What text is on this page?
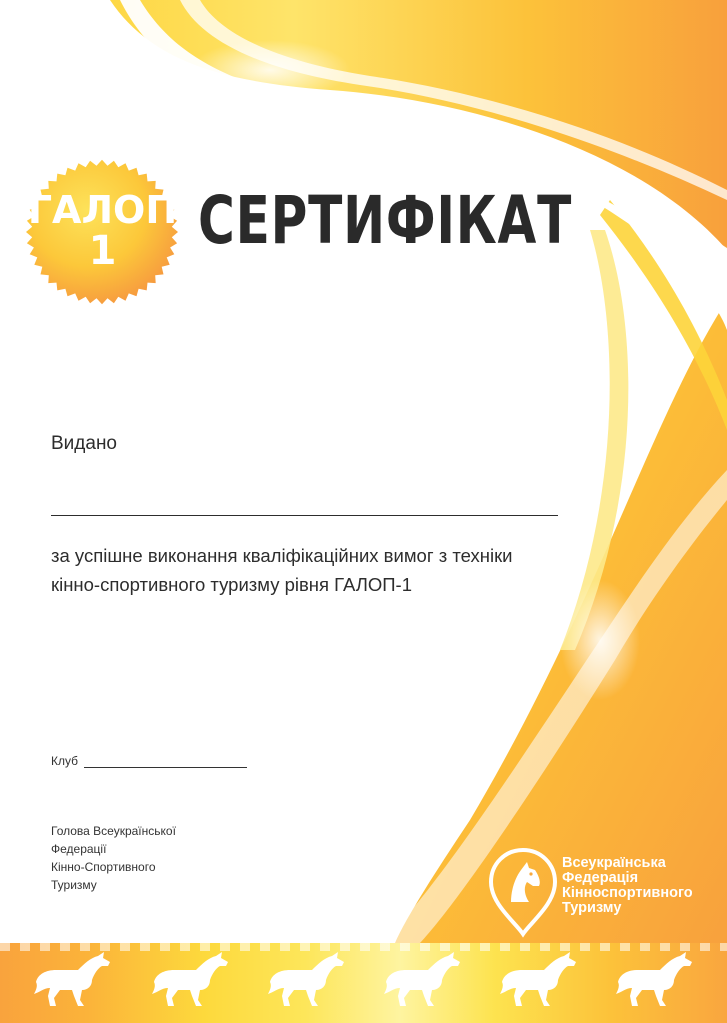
ГАЛОП
1	СЕРТИФІКАТ
Видано
за успішне виконання кваліфікаційних вимог з техніки
кінно-спортивного туризму рівня ГАЛОП-1
Клуб
Голова Всеукраїнської
Федерації
Кінно-Спортивного
Туризму
Всеукраїнська
Федерація
Кінноспортивного
Туризму
